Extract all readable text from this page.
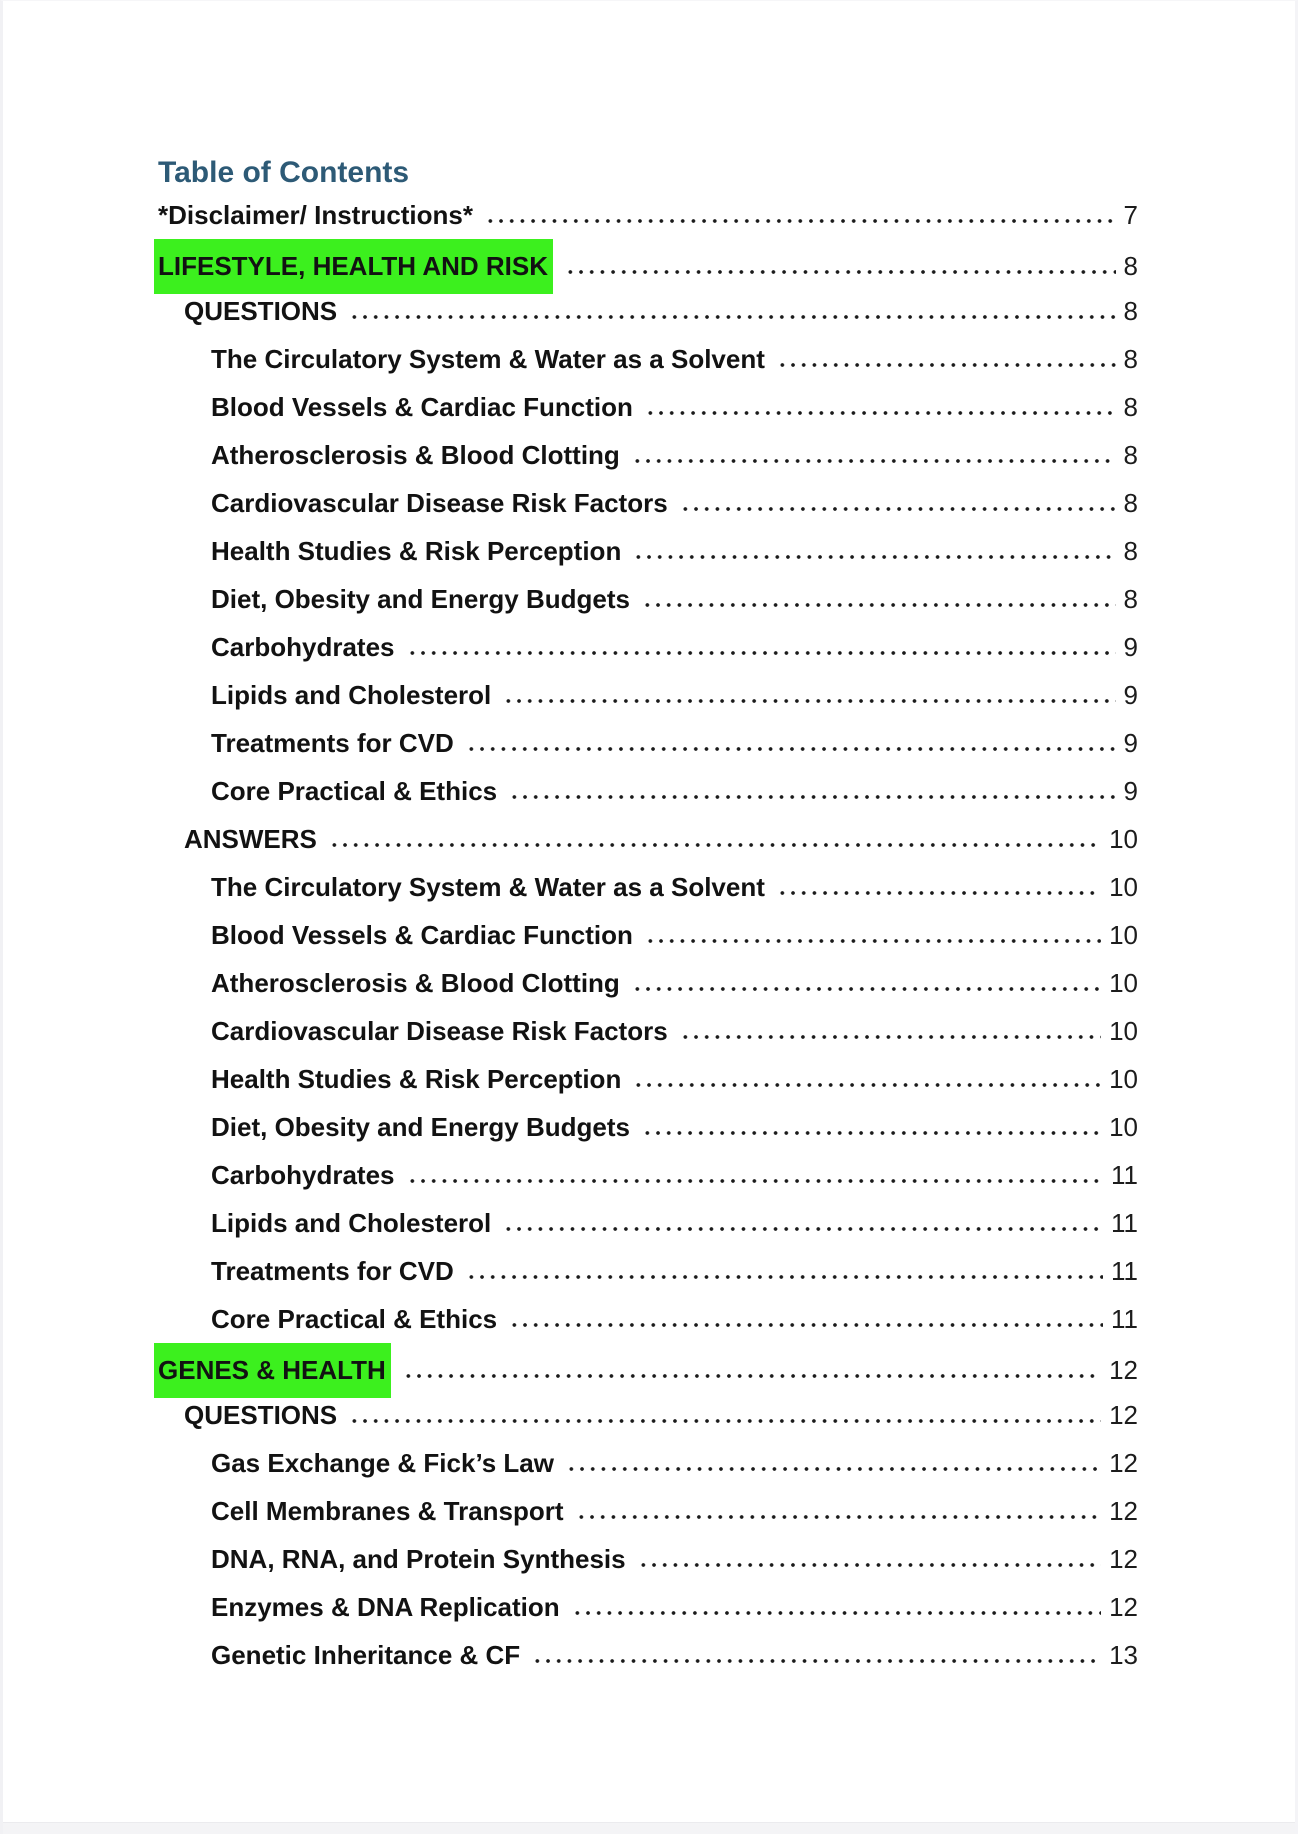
Table of Contents
*Disclaimer/ Instructions*	7
LIFESTYLE, HEALTH AND RISK	8
QUESTIONS	8
The Circulatory System & Water as a Solvent	8
Blood Vessels & Cardiac Function	8
Atherosclerosis & Blood Clotting	8
Cardiovascular Disease Risk Factors	8
Health Studies & Risk Perception	8
Diet, Obesity and Energy Budgets	8
Carbohydrates	9
Lipids and Cholesterol	9
Treatments for CVD	9
Core Practical & Ethics	9
ANSWERS	10
The Circulatory System & Water as a Solvent	10
Blood Vessels & Cardiac Function	10
Atherosclerosis & Blood Clotting	10
Cardiovascular Disease Risk Factors	10
Health Studies & Risk Perception	10
Diet, Obesity and Energy Budgets	10
Carbohydrates	11
Lipids and Cholesterol	11
Treatments for CVD	11
Core Practical & Ethics	11
GENES & HEALTH	12
QUESTIONS	12
Gas Exchange & Fick’s Law	12
Cell Membranes & Transport	12
DNA, RNA, and Protein Synthesis	12
Enzymes & DNA Replication	12
Genetic Inheritance & CF	13
